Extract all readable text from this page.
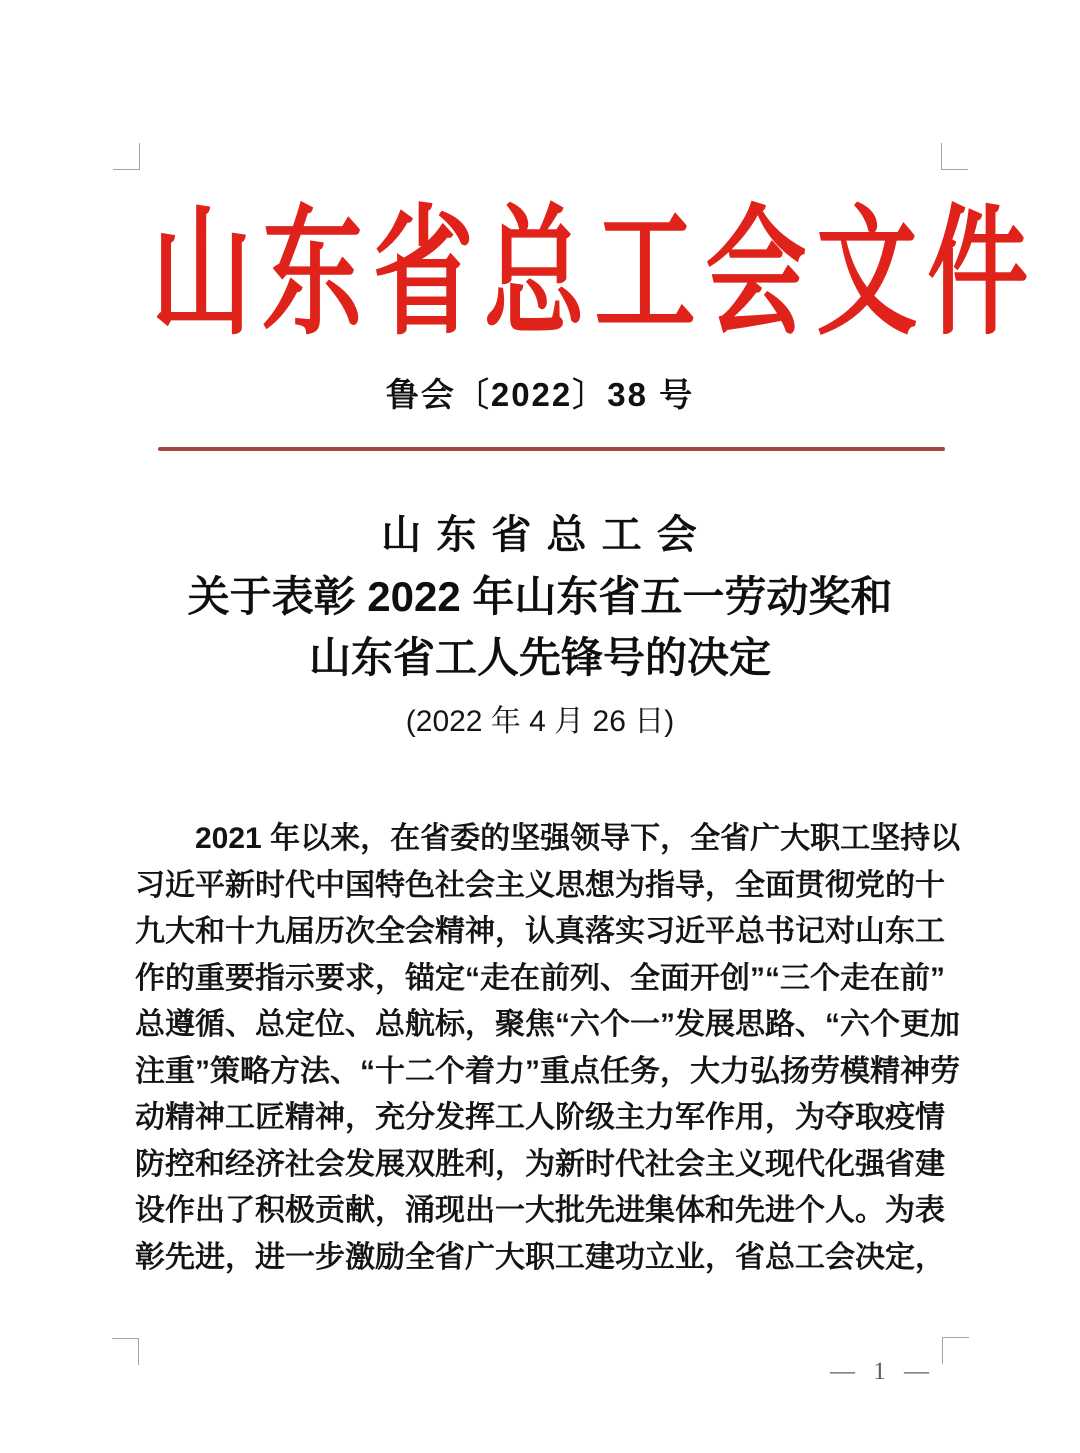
山东省总工会文件
鲁会〔2022〕38 号
山 东 省 总 工 会
关于表彰 2022 年山东省五一劳动奖和
山东省工人先锋号的决定
(2022 年 4 月 26 日)
2021 年以来，在省委的坚强领导下，全省广大职工坚持以
习近平新时代中国特色社会主义思想为指导，全面贯彻党的十
九大和十九届历次全会精神，认真落实习近平总书记对山东工
作的重要指示要求，锚定“走在前列、全面开创”“三个走在前”
总遵循、总定位、总航标，聚焦“六个一”发展思路、“六个更加
注重”策略方法、“十二个着力”重点任务，大力弘扬劳模精神劳
动精神工匠精神，充分发挥工人阶级主力军作用，为夺取疫情
防控和经济社会发展双胜利，为新时代社会主义现代化强省建
设作出了积极贡献，涌现出一大批先进集体和先进个人。为表
彰先进，进一步激励全省广大职工建功立业，省总工会决定，
— 1 —
